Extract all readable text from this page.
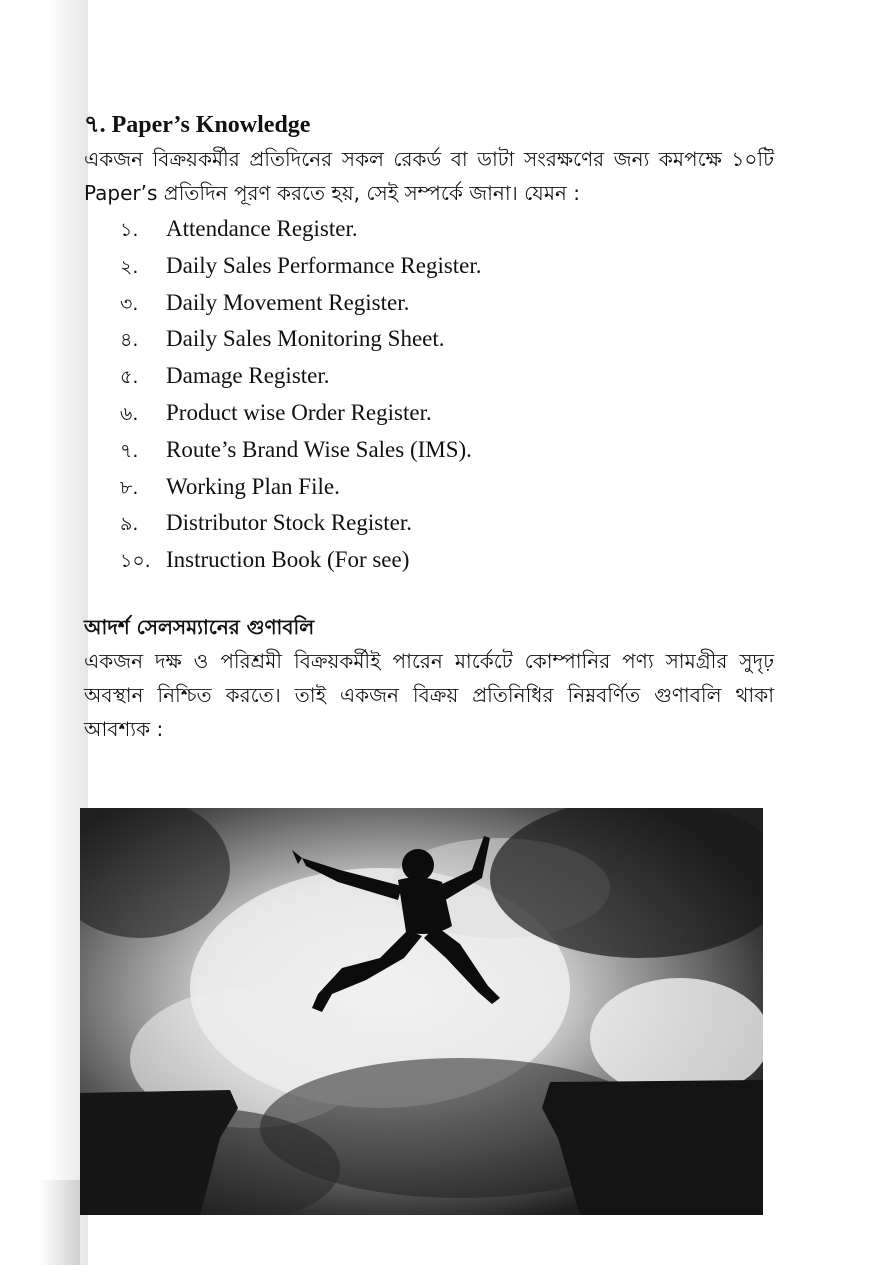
৭. Paper’s Knowledge

একজন বিক্রয়কর্মীর প্রতিদিনের সকল রেকর্ড বা ডাটা সংরক্ষণের জন্য কমপক্ষে ১০টি Paper’s প্রতিদিন পূরণ করতে হয়, সেই সম্পর্কে জানা। যেমন :

১.	Attendance Register.
২.	Daily Sales Performance Register.
৩.	Daily Movement Register.
৪.	Daily Sales Monitoring Sheet.
৫.	Damage Register.
৬.	Product wise Order Register.
৭.	Route’s Brand Wise Sales (IMS).
৮.	Working Plan File.
৯.	Distributor Stock Register.
১০. Instruction Book (For see)
আদর্শ সেলসম্যানের গুণাবলি

একজন দক্ষ ও পরিশ্রমী বিক্রয়কর্মীই পারেন মার্কেটে কোম্পানির পণ্য সামগ্রীর সুদৃঢ় অবস্থান নিশ্চিত করতে। তাই একজন বিক্রয় প্রতিনিধির নিম্নবর্ণিত গুণাবলি থাকা আবশ্যক :
